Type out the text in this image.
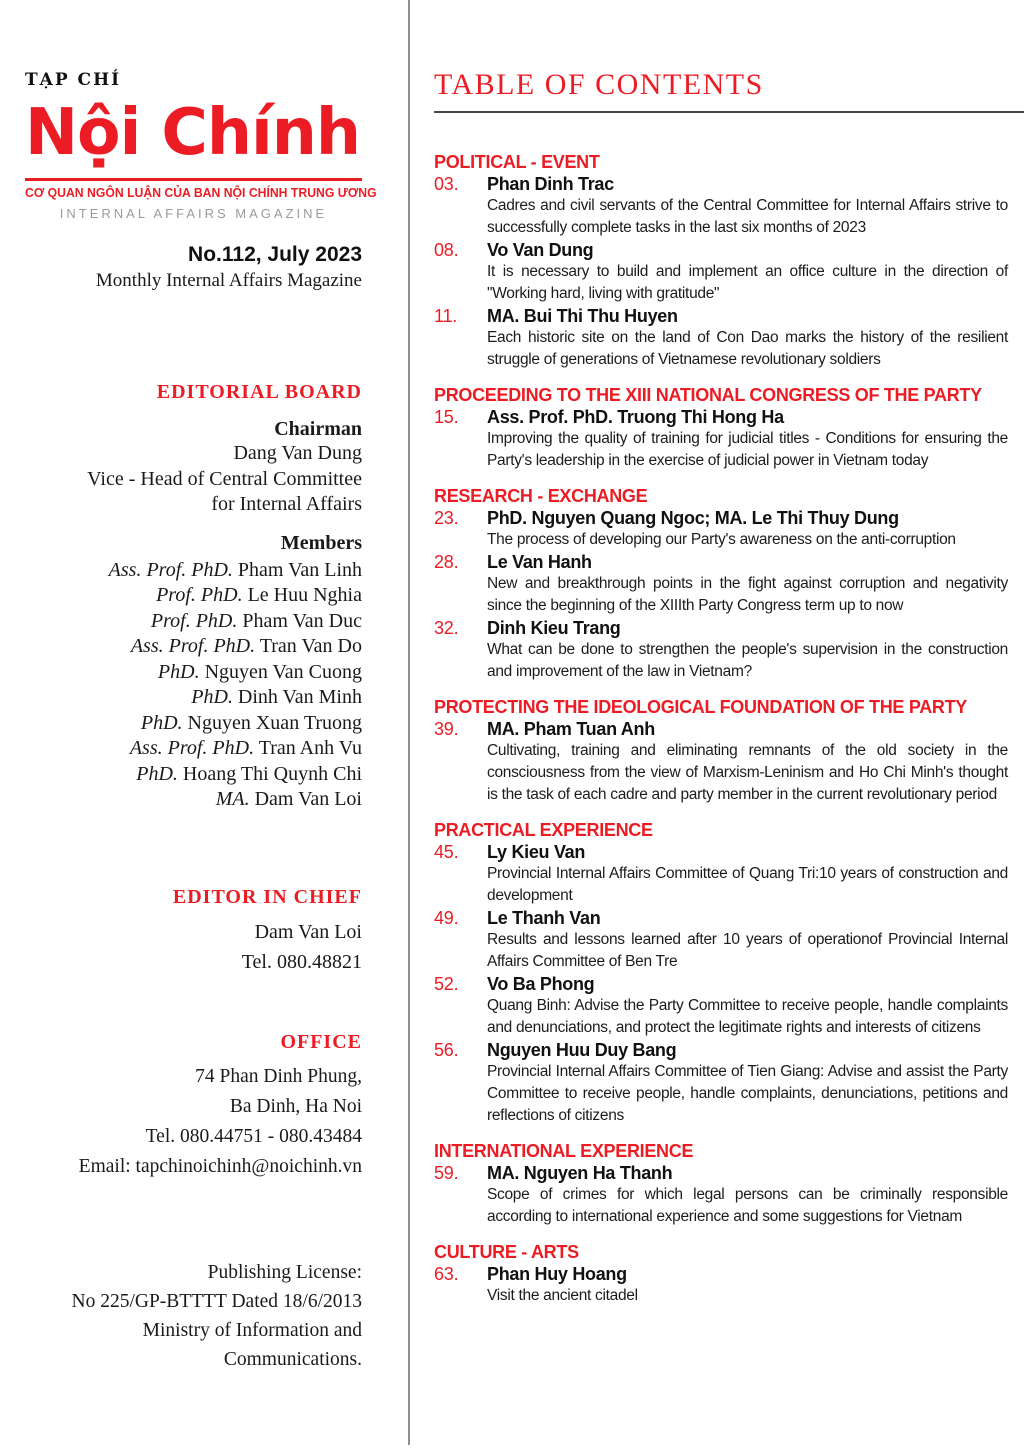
TẠP CHÍ
Nội Chính
CƠ QUAN NGÔN LUẬN CỦA BAN NỘI CHÍNH TRUNG ƯƠNG
INTERNAL AFFAIRS MAGAZINE
No.112, July 2023
Monthly Internal Affairs Magazine
EDITORIAL BOARD
Chairman
Dang Van Dung
Vice - Head of Central Committee
for Internal Affairs
Members
Ass. Prof. PhD. Pham Van Linh
Prof. PhD. Le Huu Nghia
Prof. PhD. Pham Van Duc
Ass. Prof. PhD. Tran Van Do
PhD. Nguyen Van Cuong
PhD. Dinh Van Minh
PhD. Nguyen Xuan Truong
Ass. Prof. PhD. Tran Anh Vu
PhD. Hoang Thi Quynh Chi
MA. Dam Van Loi
EDITOR IN CHIEF
Dam Van Loi
Tel. 080.48821
OFFICE
74 Phan Dinh Phung,
Ba Dinh, Ha Noi
Tel. 080.44751 - 080.43484
Email: tapchinoichinh@noichinh.vn
Publishing License:
No 225/GP-BTTTT Dated 18/6/2013
Ministry of Information and
Communications.
TABLE OF CONTENTS
POLITICAL - EVENT
03.	Phan Dinh Trac
Cadres and civil servants of the Central Committee for Internal Affairs strive to successfully complete tasks in the last six months of 2023
08.	Vo Van Dung
It is necessary to build and implement an office culture in the direction of "Working hard, living with gratitude"
11.	MA. Bui Thi Thu Huyen
Each historic site on the land of Con Dao marks the history of the resilient struggle of generations of Vietnamese revolutionary soldiers
PROCEEDING TO THE XIII NATIONAL CONGRESS OF THE PARTY
15.	Ass. Prof. PhD. Truong Thi Hong Ha
Improving the quality of training for judicial titles - Conditions for ensuring the Party's leadership in the exercise of judicial power in Vietnam today
RESEARCH - EXCHANGE
23.	PhD. Nguyen Quang Ngoc; MA. Le Thi Thuy Dung
The process of developing our Party's awareness on the anti-corruption
28.	Le Van Hanh
New and breakthrough points in the fight against corruption and negativity since the beginning of the XIIIth Party Congress term up to now
32.	Dinh Kieu Trang
What can be done to strengthen the people's supervision in the construction and improvement of the law in Vietnam?
PROTECTING THE IDEOLOGICAL FOUNDATION OF THE PARTY
39.	MA. Pham Tuan Anh
Cultivating, training and eliminating remnants of the old society in the consciousness from the view of Marxism-Leninism and Ho Chi Minh's thought is the task of each cadre and party member in the current revolutionary period
PRACTICAL EXPERIENCE
45.	Ly Kieu Van
Provincial Internal Affairs Committee of Quang Tri:10 years of construction and development
49.	Le Thanh Van
Results and lessons learned after 10 years of operationof Provincial Internal Affairs Committee of Ben Tre
52.	Vo Ba Phong
Quang Binh: Advise the Party Committee to receive people, handle complaints and denunciations, and protect the legitimate rights and interests of citizens
56.	Nguyen Huu Duy Bang
Provincial Internal Affairs Committee of Tien Giang: Advise and assist the Party Committee to receive people, handle complaints, denunciations, petitions and reflections of citizens
INTERNATIONAL EXPERIENCE
59.	MA. Nguyen Ha Thanh
Scope of crimes for which legal persons can be criminally responsible according to international experience and some suggestions for Vietnam
CULTURE - ARTS
63.	Phan Huy Hoang
Visit the ancient citadel
